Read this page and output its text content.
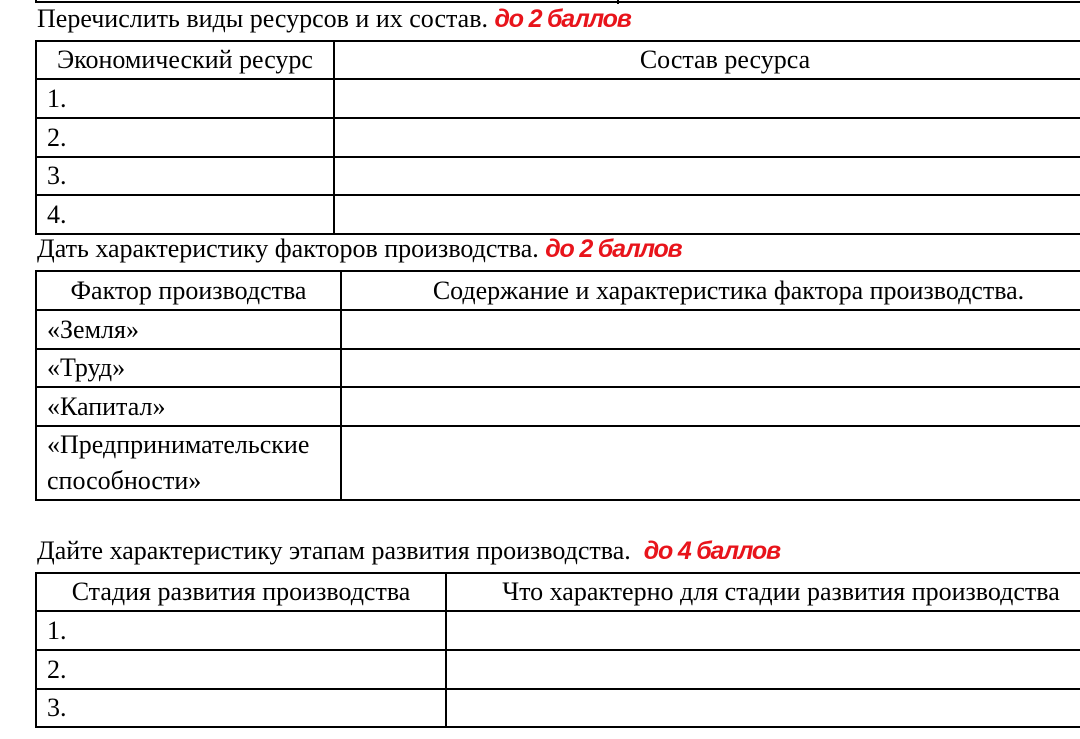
Перечислить виды ресурсов и их состав. до 2 баллов
Экономический ресурс	Состав ресурса
1.	
2.	
3.	
4.	
Дать характеристику факторов производства. до 2 баллов
Фактор производства	Содержание и характеристика фактора производства.
«Земля»	
«Труд»	
«Капитал»	
«Предпринимательские способности»	
Дайте характеристику этапам развития производства. до 4 баллов
Стадия развития производства	Что характерно для стадии развития производства
1.	
2.	
3.	
